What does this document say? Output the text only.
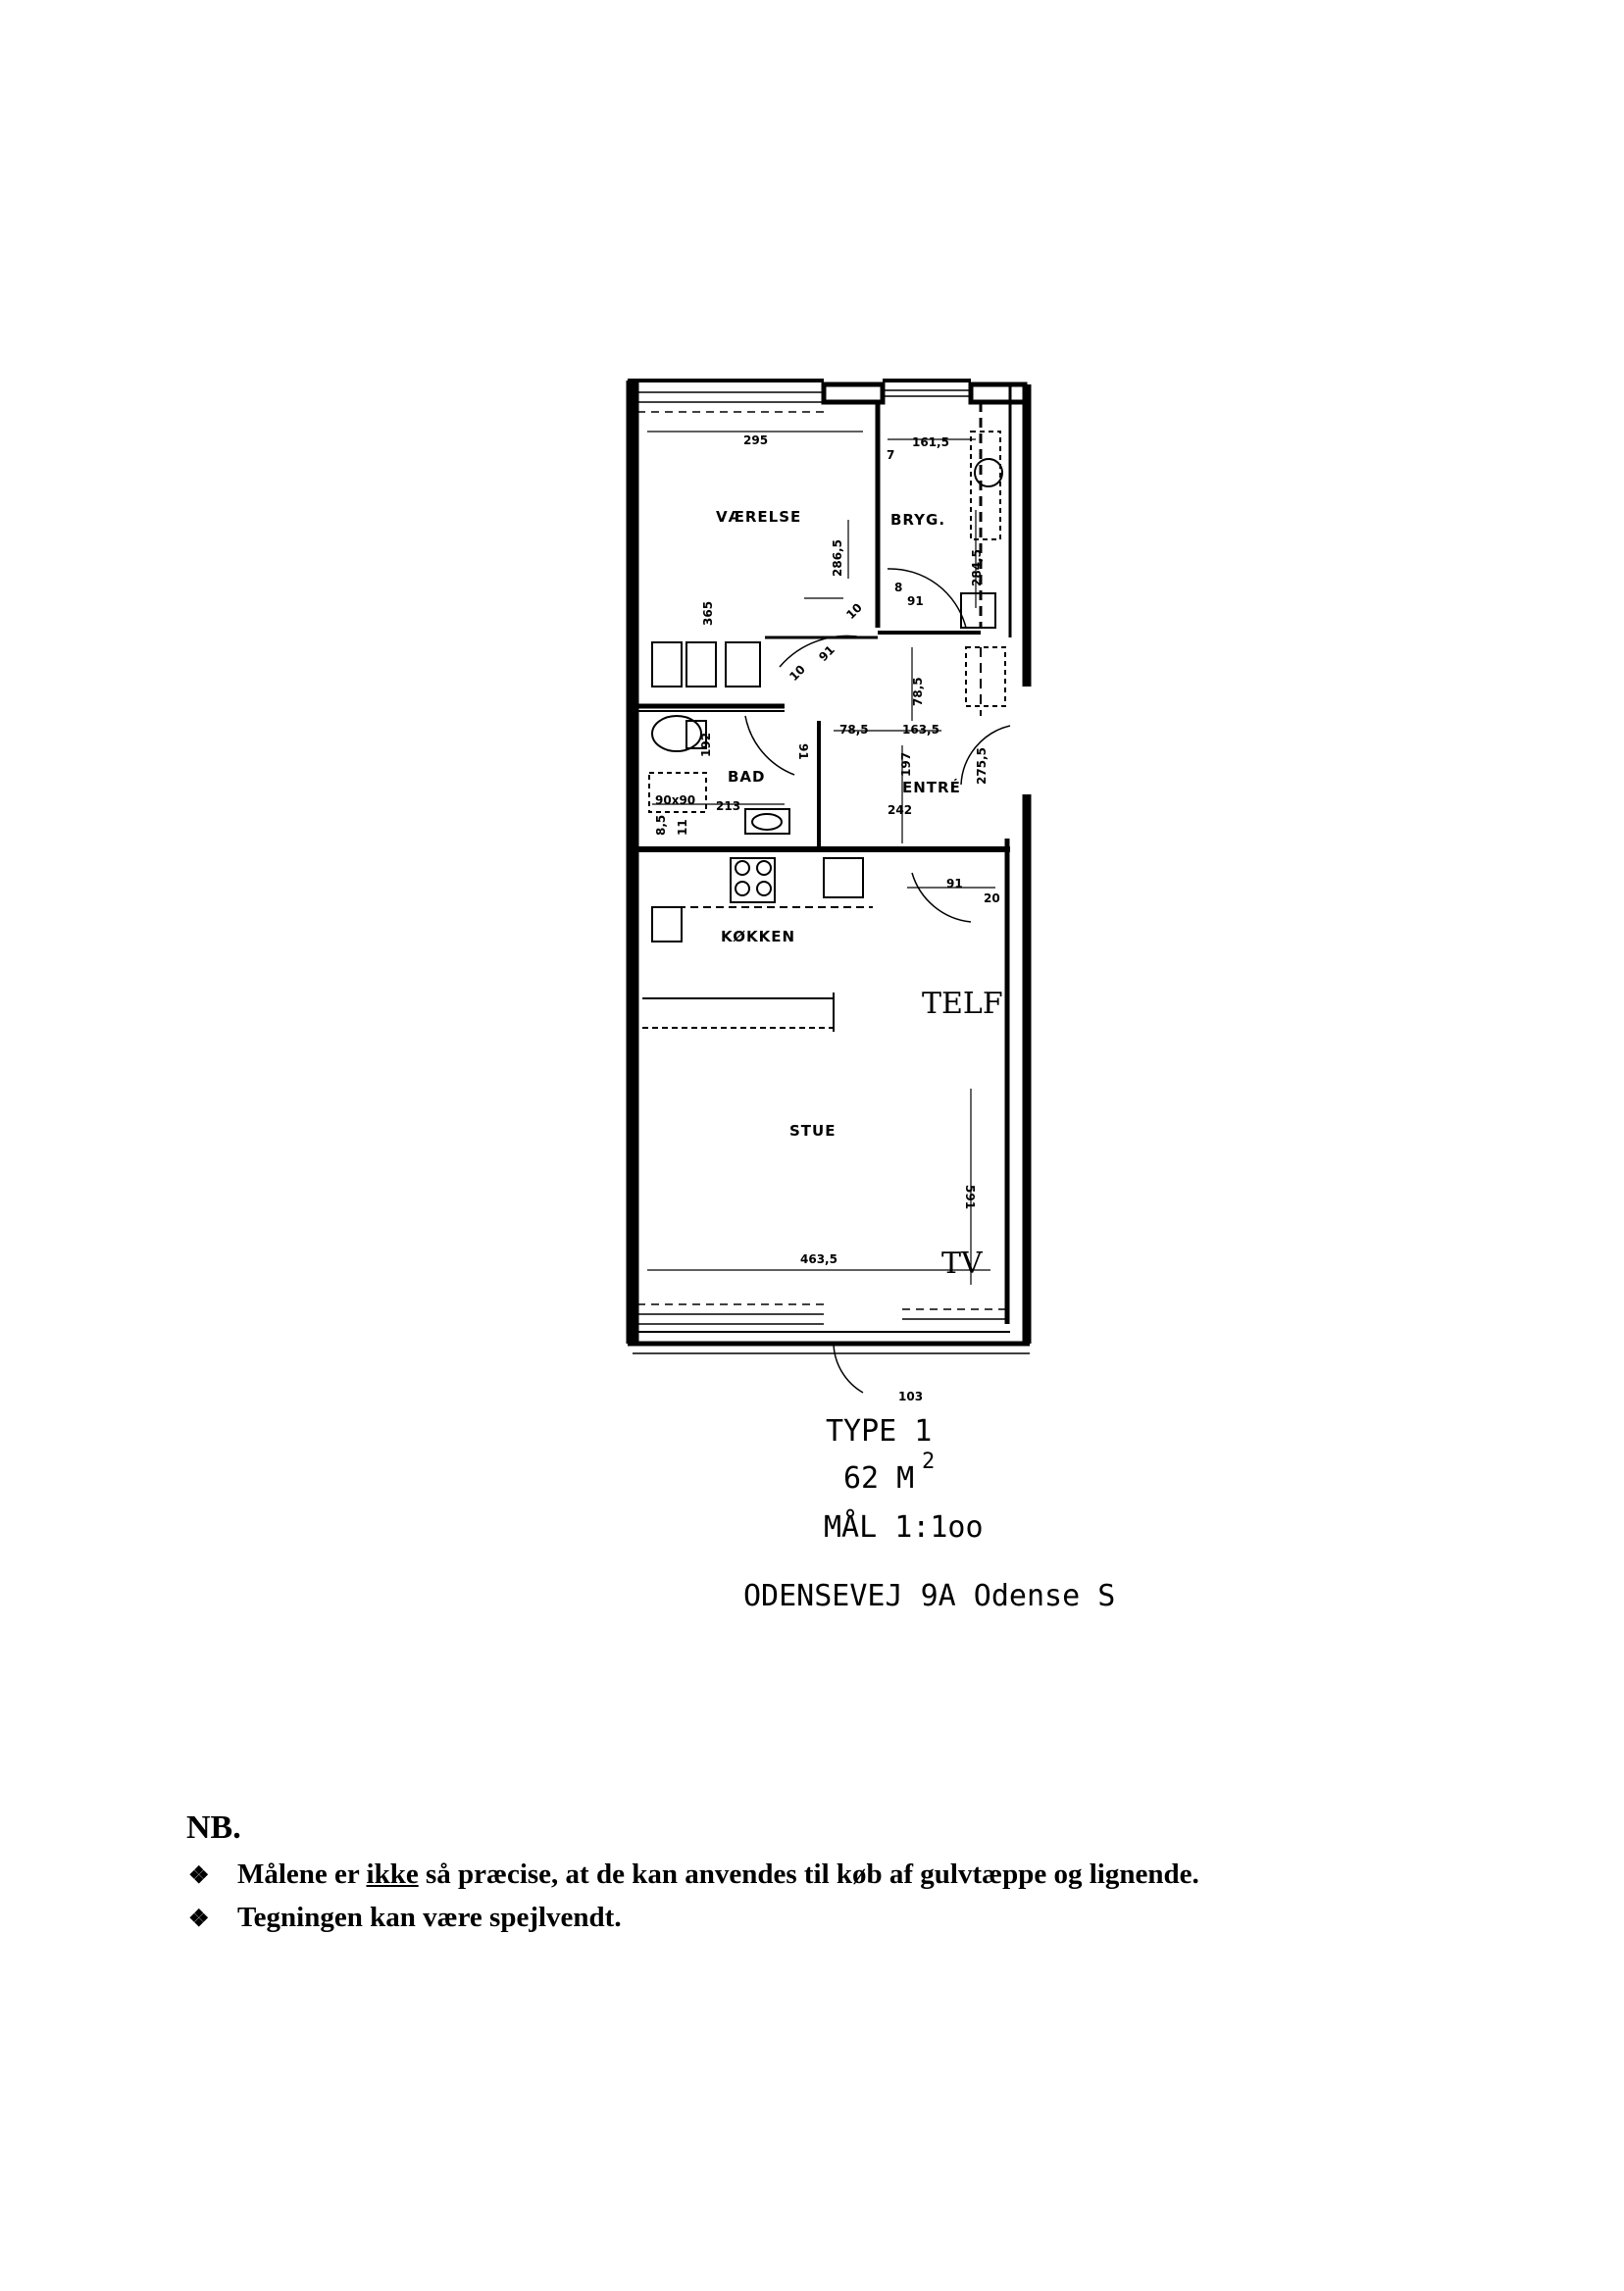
VÆRELSE	BRYG.
BAD
ENTRÉ
KØKKEN
STUE
TELF
TV
90x90
295	161,5
7
286,5
365
91
10
10
8
91
284,5
78,5
78,5	163,5
275,5
192	91
197
213	242
8,5 11
91
20
591
463,5
103
TYPE 1
62 M 2
MÅL 1:1oo
ODENSEVEJ 9A Odense S
NB.
❖ Målene er ikke så præcise, at de kan anvendes til køb af gulvtæppe og lignende.
❖ Tegningen kan være spejlvendt.
